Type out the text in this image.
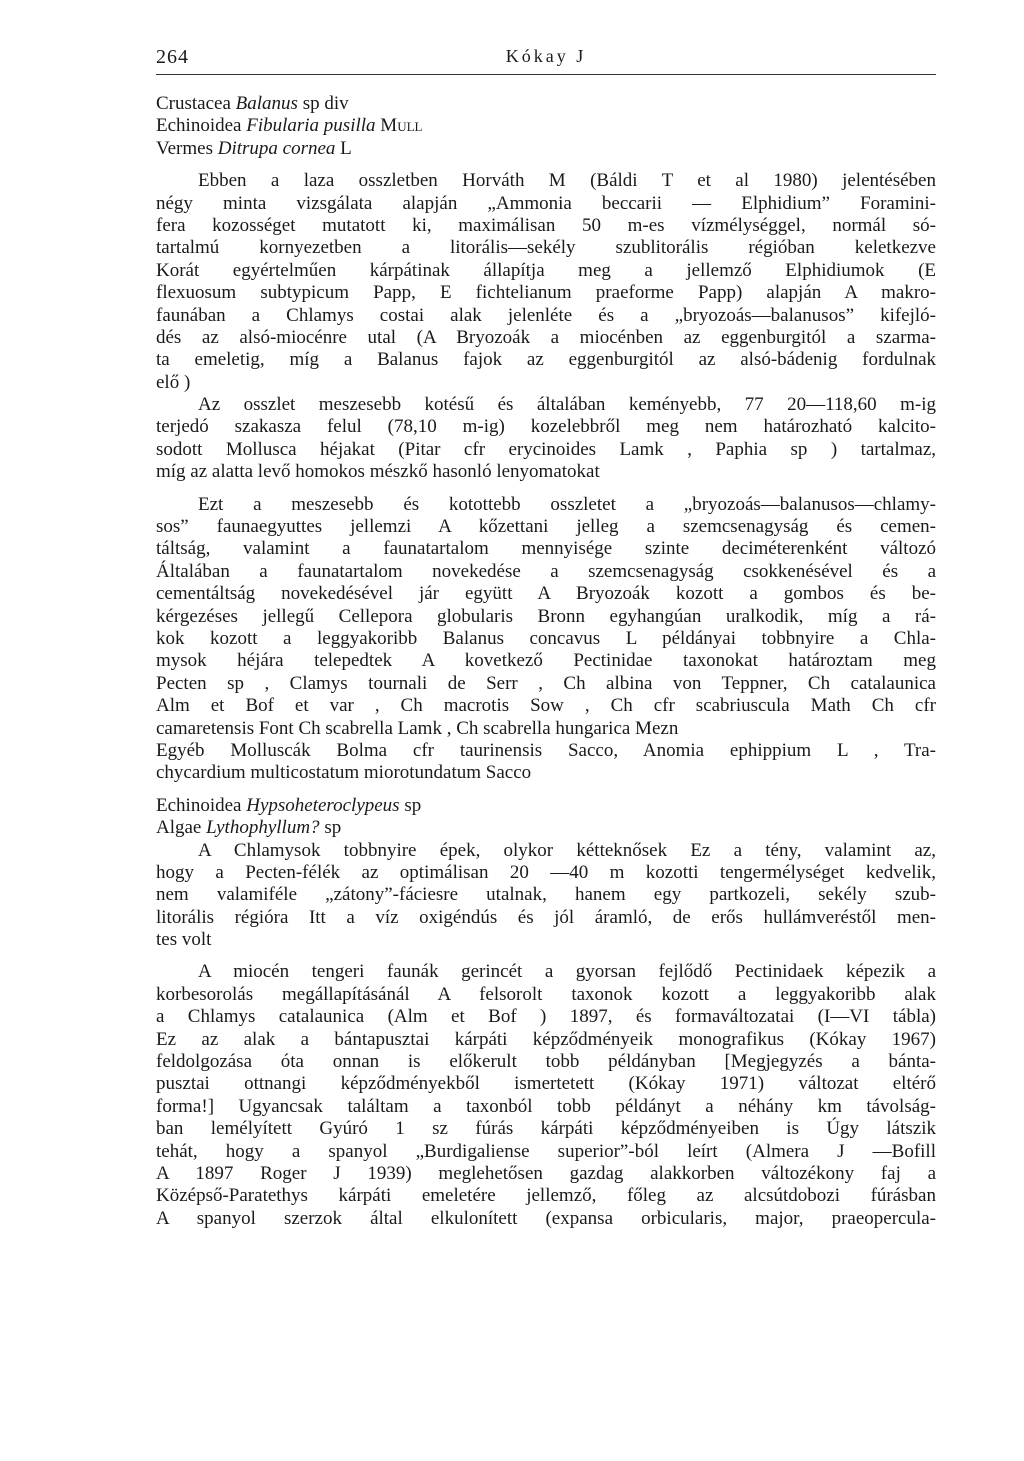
264	Kókay J
Crustacea Balanus sp div
Echinoidea Fibularia pusilla Mull
Vermes Ditrupa cornea L
Ebben a laza osszletben Horváth M (Báldi T et al 1980) jelentésében
négy minta vizsgálata alapján „Ammonia beccarii — Elphidium” Foramini-
fera kozosséget mutatott ki, maximálisan 50 m-es vízmélységgel, normál só-
tartalmú kornyezetben a litorális—sekély szublitorális régióban keletkezve
Korát egyértelműen kárpátinak állapítja meg a jellemző Elphidiumok (E
flexuosum subtypicum Papp, E fichtelianum praeforme Papp) alapján A makro-
faunában a Chlamys costai alak jelenléte és a „bryozoás—balanusos” kifejló-
dés az alsó-miocénre utal (A Bryozoák a miocénben az eggenburgitól a szarma-
ta emeletig, míg a Balanus fajok az eggenburgitól az alsó-bádenig fordulnak
elő )
Az osszlet meszesebb kotésű és általában keményebb, 77 20—118,60 m-ig
terjedó szakasza felul (78,10 m-ig) kozelebbről meg nem határozható kalcito-
sodott Mollusca héjakat (Pitar cfr erycinoides Lamk , Paphia sp ) tartalmaz,
míg az alatta levő homokos mészkő hasonló lenyomatokat
Ezt a meszesebb és kotottebb osszletet a „bryozoás—balanusos—chlamy-
sos” faunaegyuttes jellemzi A kőzettani jelleg a szemcsenagyság és cemen-
táltság, valamint a faunatartalom mennyisége szinte deciméterenként változó
Általában a faunatartalom novekedése a szemcsenagyság csokkenésével és a
cementáltság novekedésével jár együtt A Bryozoák kozott a gombos és be-
kérgezéses jellegű Cellepora globularis Bronn egyhangúan uralkodik, míg a rá-
kok kozott a leggyakoribb Balanus concavus L példányai tobbnyire a Chla-
mysok héjára telepedtek A kovetkező Pectinidae taxonokat határoztam meg
Pecten sp , Clamys tournali de Serr , Ch albina von Teppner, Ch catalaunica
Alm et Bof et var , Ch macrotis Sow , Ch cfr scabriuscula Math Ch cfr
camaretensis Font Ch scabrella Lamk , Ch scabrella hungarica Mezn
Egyéb Molluscák Bolma cfr taurinensis Sacco, Anomia ephippium L , Tra-
chycardium multicostatum miorotundatum Sacco
Echinoidea Hypsoheteroclypeus sp
Algae Lythophyllum? sp
A Chlamysok tobbnyire épek, olykor kétteknősek Ez a tény, valamint az,
hogy a Pecten-félék az optimálisan 20 —40 m kozotti tengermélységet kedvelik,
nem valamiféle „zátony”-fáciesre utalnak, hanem egy partkozeli, sekély szub-
litorális régióra Itt a víz oxigéndús és jól áramló, de erős hullámveréstől men-
tes volt
A miocén tengeri faunák gerincét a gyorsan fejlődő Pectinidaek képezik a
korbesorolás megállapításánál A felsorolt taxonok kozott a leggyakoribb alak
a Chlamys catalaunica (Alm et Bof ) 1897, és formaváltozatai (I—VI tábla)
Ez az alak a bántapusztai kárpáti képződményeik monografikus (Kókay 1967)
feldolgozása óta onnan is előkerult tobb példányban [Megjegyzés a bánta-
pusztai ottnangi képződményekből ismertetett (Kókay 1971) változat eltérő
forma!] Ugyancsak találtam a taxonból tobb példányt a néhány km távolság-
ban lemélyített Gyúró 1 sz fúrás kárpáti képződményeiben is Úgy látszik
tehát, hogy a spanyol „Burdigaliense superior”-ból leírt (Almera J —Bofill
A 1897 Roger J 1939) meglehetősen gazdag alakkorben változékony faj a
Középső-Paratethys kárpáti emeletére jellemző, főleg az alcsútdobozi fúrásban
A spanyol szerzok által elkulonített (expansa orbicularis, major, praeopercula-
